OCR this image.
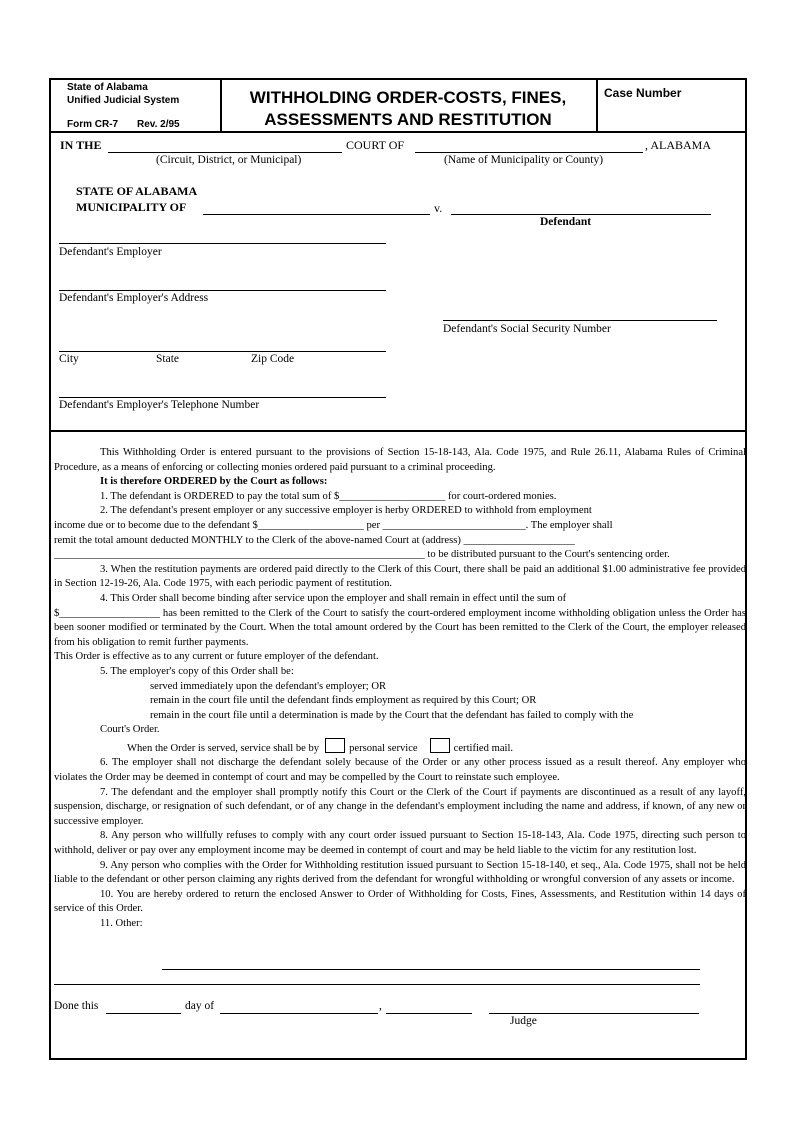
State of Alabama
Unified Judicial System
Form CR-7 Rev. 2/95
WITHHOLDING ORDER-COSTS, FINES,
ASSESSMENTS AND RESTITUTION
Case Number
IN THE	COURT OF	, ALABAMA
(Circuit, District, or Municipal)	(Name of Municipality or County)
STATE OF ALABAMA
MUNICIPALITY OF	v.
Defendant
Defendant's Employer
Defendant's Employer's Address
Defendant's Social Security Number
City	State	Zip Code
Defendant's Employer's Telephone Number

This Withholding Order is entered pursuant to the provisions of Section 15-18-143, Ala. Code 1975, and Rule 26.11, Alabama Rules of Criminal Procedure, as a means of enforcing or collecting monies ordered paid pursuant to a criminal proceeding.

It is therefore ORDERED by the Court as follows:

1. The defendant is ORDERED to pay the total sum of $____________________ for court-ordered monies.

2. The defendant's present employer or any successive employer is herby ORDERED to withhold from employment

income due or to become due to the defendant $____________________ per ___________________________. The employer shall

remit the total amount deducted MONTHLY to the Clerk of the above-named Court at (address) _____________________

______________________________________________________________________ to be distributed pursuant to the Court's sentencing order.

3. When the restitution payments are ordered paid directly to the Clerk of this Court, there shall be paid an additional $1.00 administrative fee provided in Section 12-19-26, Ala. Code 1975, with each periodic payment of restitution.

4. This Order shall become binding after service upon the employer and shall remain in effect until the sum of

$___________________ has been remitted to the Clerk of the Court to satisfy the court-ordered employment income withholding obligation unless the Order has been sooner modified or terminated by the Court. When the total amount ordered by the Court has been remitted to the Clerk of the Court, the employer released from his obligation to remit further payments.

This Order is effective as to any current or future employer of the defendant.

5. The employer's copy of this Order shall be:

served immediately upon the defendant's employer; OR

remain in the court file until the defendant finds employment as required by this Court; OR

remain in the court file until a determination is made by the Court that the defendant has failed to comply with the

Court's Order.

When the Order is served, service shall be by	personal service	certified mail.

6. The employer shall not discharge the defendant solely because of the Order or any other process issued as a result thereof. Any employer who violates the Order may be deemed in contempt of court and may be compelled by the Court to reinstate such employee.

7. The defendant and the employer shall promptly notify this Court or the Clerk of the Court if payments are discontinued as a result of any layoff, suspension, discharge, or resignation of such defendant, or of any change in the defendant's employment including the name and address, if known, of any new or successive employer.

8. Any person who willfully refuses to comply with any court order issued pursuant to Section 15-18-143, Ala. Code 1975, directing such person to withhold, deliver or pay over any employment income may be deemed in contempt of court and may be held liable to the victim for any restitution lost.

9. Any person who complies with the Order for Withholding restitution issued pursuant to Section 15-18-140, et seq., Ala. Code 1975, shall not be held liable to the defendant or other person claiming any rights derived from the defendant for wrongful withholding or wrongful conversion of any assets or income.

10. You are hereby ordered to return the enclosed Answer to Order of Withholding for Costs, Fines, Assessments, and Restitution within 14 days of service of this Order.

11. Other:

Done this	day of	,
Judge
